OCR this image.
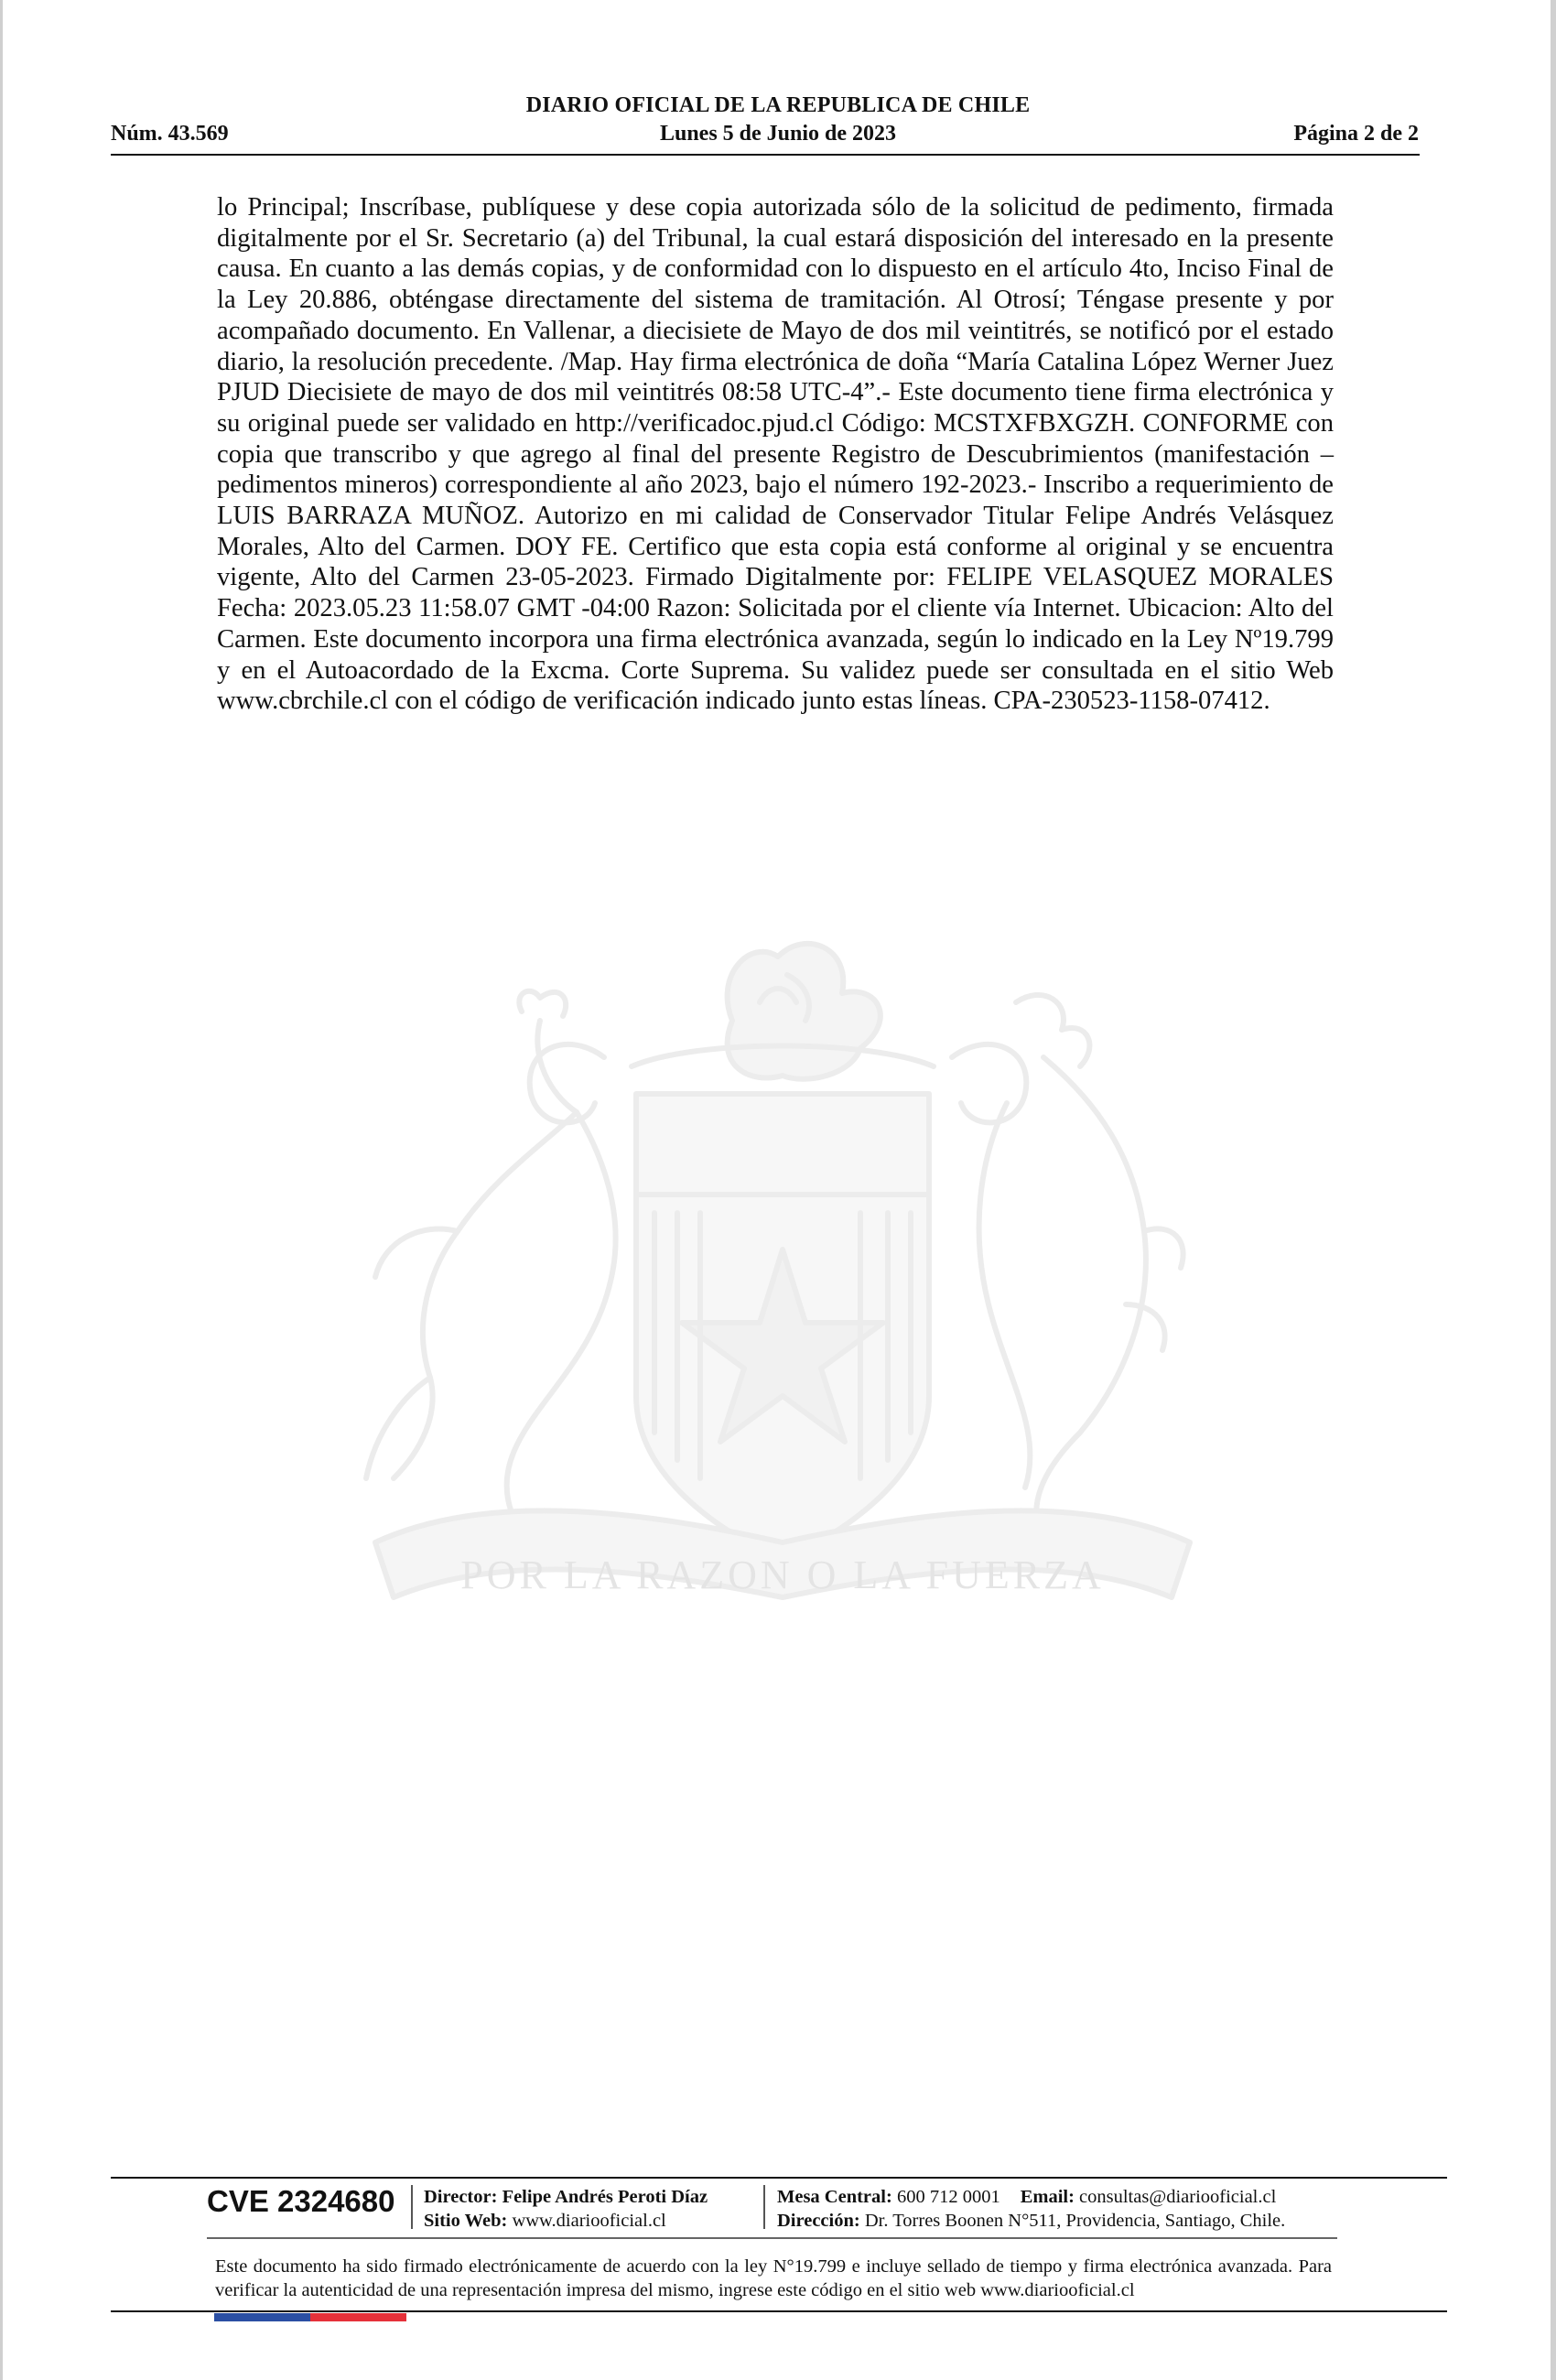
DIARIO OFICIAL DE LA REPUBLICA DE CHILE
Núm. 43.569	Lunes 5 de Junio de 2023	Página 2 de 2
lo Principal; Inscríbase, publíquese y dese copia autorizada sólo de la solicitud de pedimento, firmada digitalmente por el Sr. Secretario (a) del Tribunal, la cual estará disposición del interesado en la presente causa. En cuanto a las demás copias, y de conformidad con lo dispuesto en el artículo 4to, Inciso Final de la Ley 20.886, obténgase directamente del sistema de tramitación. Al Otrosí; Téngase presente y por acompañado documento. En Vallenar, a diecisiete de Mayo de dos mil veintitrés, se notificó por el estado diario, la resolución precedente. /Map. Hay firma electrónica de doña “María Catalina López Werner Juez PJUD Diecisiete de mayo de dos mil veintitrés 08:58 UTC-4”.- Este documento tiene firma electrónica y su original puede ser validado en http://verificadoc.pjud.cl Código: MCSTXFBXGZH. CONFORME con copia que transcribo y que agrego al final del presente Registro de Descubrimientos (manifestación – pedimentos mineros) correspondiente al año 2023, bajo el número 192-2023.- Inscribo a requerimiento de LUIS BARRAZA MUÑOZ. Autorizo en mi calidad de Conservador Titular Felipe Andrés Velásquez Morales, Alto del Carmen. DOY FE. Certifico que esta copia está conforme al original y se encuentra vigente, Alto del Carmen 23-05-2023. Firmado Digitalmente por: FELIPE VELASQUEZ MORALES Fecha: 2023.05.23 11:58.07 GMT -04:00 Razon: Solicitada por el cliente vía Internet. Ubicacion: Alto del Carmen. Este documento incorpora una firma electrónica avanzada, según lo indicado en la Ley Nº19.799 y en el Autoacordado de la Excma. Corte Suprema. Su validez puede ser consultada en el sitio Web www.cbrchile.cl con el código de verificación indicado junto estas líneas. CPA-230523-1158-07412.
POR LA RAZON O LA FUERZA
CVE 2324680 Director: Felipe Andrés Peroti Díaz
Sitio Web: www.diariooficial.cl
Mesa Central: 600 712 0001 Email: consultas@diariooficial.cl
Dirección: Dr. Torres Boonen N°511, Providencia, Santiago, Chile.
Este documento ha sido firmado electrónicamente de acuerdo con la ley N°19.799 e incluye sellado de tiempo y firma electrónica avanzada. Para verificar la autenticidad de una representación impresa del mismo, ingrese este código en el sitio web www.diariooficial.cl
